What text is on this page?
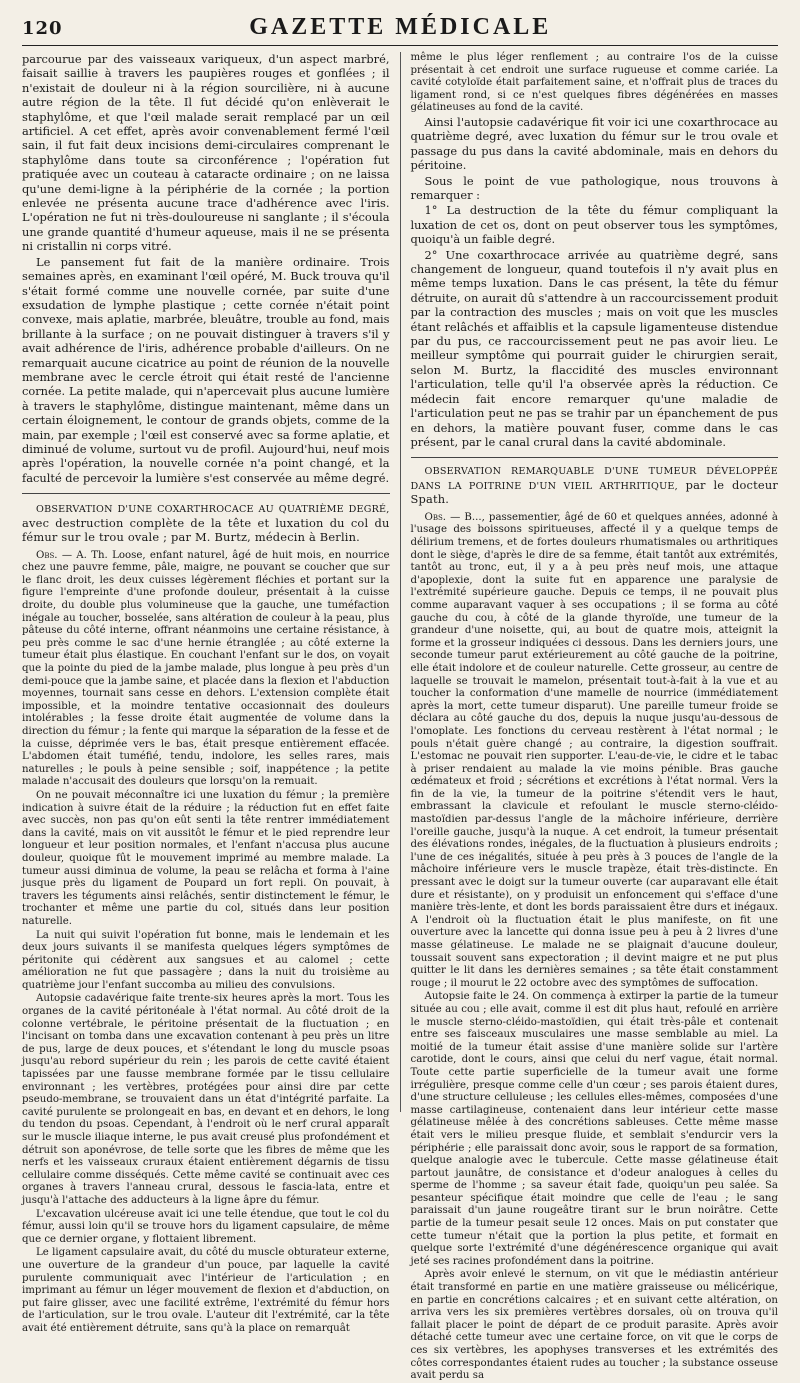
120	GAZETTE MÉDICALE

parcourue par des vaisseaux variqueux, d'un aspect marbré, faisait saillie à travers les paupières rouges et gonflées ; il n'existait de douleur ni à la région sourcilière, ni à aucune autre région de la tête. Il fut décidé qu'on enlèverait le staphylôme, et que l'œil malade serait remplacé par un œil artificiel. A cet effet, après avoir convenablement fermé l'œil sain, il fut fait deux incisions demi-circulaires comprenant le staphylôme dans toute sa circonférence ; l'opération fut pratiquée avec un couteau à cataracte ordinaire ; on ne laissa qu'une demi-ligne à la périphérie de la cornée ; la portion enlevée ne présenta aucune trace d'adhérence avec l'iris. L'opération ne fut ni très-douloureuse ni sanglante ; il s'écoula une grande quantité d'humeur aqueuse, mais il ne se présenta ni cristallin ni corps vitré.

Le pansement fut fait de la manière ordinaire. Trois semaines après, en examinant l'œil opéré, M. Buck trouva qu'il s'était formé comme une nouvelle cornée, par suite d'une exsudation de lymphe plastique ; cette cornée n'était point convexe, mais aplatie, marbrée, bleuâtre, trouble au fond, mais brillante à la surface ; on ne pouvait distinguer à travers s'il y avait adhérence de l'iris, adhérence probable d'ailleurs. On ne remarquait aucune cicatrice au point de réunion de la nouvelle membrane avec le cercle étroit qui était resté de l'ancienne cornée. La petite malade, qui n'apercevait plus aucune lumière à travers le staphylôme, distingue maintenant, même dans un certain éloignement, le contour de grands objets, comme de la main, par exemple ; l'œil est conservé avec sa forme aplatie, et diminué de volume, surtout vu de profil. Aujourd'hui, neuf mois après l'opération, la nouvelle cornée n'a point changé, et la faculté de percevoir la lumière s'est conservée au même degré.

OBSERVATION D'UNE COXARTHROCACE AU QUATRIÈME DEGRÉ, avec destruction complète de la tête et luxation du col du fémur sur le trou ovale ; par M. Burtz, médecin à Berlin.

Obs. — A. Th. Loose, enfant naturel, âgé de huit mois, en nourrice chez une pauvre femme, pâle, maigre, ne pouvant se coucher que sur le flanc droit, les deux cuisses légèrement fléchies et portant sur la figure l'empreinte d'une profonde douleur, présentait à la cuisse droite, du double plus volumineuse que la gauche, une tuméfaction inégale au toucher, bosselée, sans altération de couleur à la peau, plus pâteuse du côté interne, offrant néanmoins une certaine résistance, à peu près comme le sac d'une hernie étranglée ; au côté externe la tumeur était plus élastique. En couchant l'enfant sur le dos, on voyait que la pointe du pied de la jambe malade, plus longue à peu près d'un demi-pouce que la jambe saine, et placée dans la flexion et l'abduction moyennes, tournait sans cesse en dehors. L'extension complète était impossible, et la moindre tentative occasionnait des douleurs intolérables ; la fesse droite était augmentée de volume dans la direction du fémur ; la fente qui marque la séparation de la fesse et de la cuisse, déprimée vers le bas, était presque entièrement effacée. L'abdomen était tuméfié, tendu, indolore, les selles rares, mais naturelles ; le pouls à peine sensible ; soif, inappétence ; la petite malade n'accusait des douleurs que lorsqu'on la remuait.

On ne pouvait méconnaître ici une luxation du fémur ; la première indication à suivre était de la réduire ; la réduction fut en effet faite avec succès, non pas qu'on eût senti la tête rentrer immédiatement dans la cavité, mais on vit aussitôt le fémur et le pied reprendre leur longueur et leur position normales, et l'enfant n'accusa plus aucune douleur, quoique fût le mouvement imprimé au membre malade. La tumeur aussi diminua de volume, la peau se relâcha et forma à l'aine jusque près du ligament de Poupard un fort repli. On pouvait, à travers les téguments ainsi relâchés, sentir distinctement le fémur, le trochanter et même une partie du col, situés dans leur position naturelle.

La nuit qui suivit l'opération fut bonne, mais le lendemain et les deux jours suivants il se manifesta quelques légers symptômes de péritonite qui cédèrent aux sangsues et au calomel ; cette amélioration ne fut que passagère ; dans la nuit du troisième au quatrième jour l'enfant succomba au milieu des convulsions.

Autopsie cadavérique faite trente-six heures après la mort. Tous les organes de la cavité péritonéale à l'état normal. Au côté droit de la colonne vertébrale, le péritoine présentait de la fluctuation ; en l'incisant on tomba dans une excavation contenant à peu près un litre de pus, large de deux pouces, et s'étendant le long du muscle psoas jusqu'au rebord supérieur du rein ; les parois de cette cavité étaient tapissées par une fausse membrane formée par le tissu cellulaire environnant ; les vertèbres, protégées pour ainsi dire par cette pseudo-membrane, se trouvaient dans un état d'intégrité parfaite. La cavité purulente se prolongeait en bas, en devant et en dehors, le long du tendon du psoas. Cependant, à l'endroit où le nerf crural apparaît sur le muscle iliaque interne, le pus avait creusé plus profondément et détruit son aponévrose, de telle sorte que les fibres de même que les nerfs et les vaisseaux cruraux étaient entièrement dégarnis de tissu cellulaire comme disséqués. Cette même cavité se continuait avec ces organes à travers l'anneau crural, dessous le fascia-lata, entre et jusqu'à l'attache des adducteurs à la ligne âpre du fémur.

L'excavation ulcéreuse avait ici une telle étendue, que tout le col du fémur, aussi loin qu'il se trouve hors du ligament capsulaire, de même que ce dernier organe, y flottaient librement.

Le ligament capsulaire avait, du côté du muscle obturateur externe, une ouverture de la grandeur d'un pouce, par laquelle la cavité purulente communiquait avec l'intérieur de l'articulation ; en imprimant au fémur un léger mouvement de flexion et d'abduction, on put faire glisser, avec une facilité extrême, l'extrémité du fémur hors de l'articulation, sur le trou ovale. L'auteur dit l'extrémité, car la tête avait été entièrement détruite, sans qu'à la place on remarquât

même le plus léger renflement ; au contraire l'os de la cuisse présentait à cet endroit une surface rugueuse et comme cariée. La cavité cotyloïde était parfaitement saine, et n'offrait plus de traces du ligament rond, si ce n'est quelques fibres dégénérées en masses gélatineuses au fond de la cavité.

Ainsi l'autopsie cadavérique fit voir ici une coxarthrocace au quatrième degré, avec luxation du fémur sur le trou ovale et passage du pus dans la cavité abdominale, mais en dehors du péritoine.

Sous le point de vue pathologique, nous trouvons à remarquer :

1° La destruction de la tête du fémur compliquant la luxation de cet os, dont on peut observer tous les symptômes, quoiqu'à un faible degré.

2° Une coxarthrocace arrivée au quatrième degré, sans changement de longueur, quand toutefois il n'y avait plus en même temps luxation. Dans le cas présent, la tête du fémur détruite, on aurait dû s'attendre à un raccourcissement produit par la contraction des muscles ; mais on voit que les muscles étant relâchés et affaiblis et la capsule ligamenteuse distendue par du pus, ce raccourcissement peut ne pas avoir lieu. Le meilleur symptôme qui pourrait guider le chirurgien serait, selon M. Burtz, la flaccidité des muscles environnant l'articulation, telle qu'il l'a observée après la réduction. Ce médecin fait encore remarquer qu'une maladie de l'articulation peut ne pas se trahir par un épanchement de pus en dehors, la matière pouvant fuser, comme dans le cas présent, par le canal crural dans la cavité abdominale.

OBSERVATION REMARQUABLE D'UNE TUMEUR DÉVELOPPÉE DANS LA POITRINE D'UN VIEIL ARTHRITIQUE, par le docteur Spath.

Obs. — B..., passementier, âgé de 60 et quelques années, adonné à l'usage des boissons spiritueuses, affecté il y a quelque temps de délirium tremens, et de fortes douleurs rhumatismales ou arthritiques dont le siège, d'après le dire de sa femme, était tantôt aux extrémités, tantôt au tronc, eut, il y a à peu près neuf mois, une attaque d'apoplexie, dont la suite fut en apparence une paralysie de l'extrémité supérieure gauche. Depuis ce temps, il ne pouvait plus comme auparavant vaquer à ses occupations ; il se forma au côté gauche du cou, à côté de la glande thyroïde, une tumeur de la grandeur d'une noisette, qui, au bout de quatre mois, atteignit la forme et la grosseur indiquées ci dessous. Dans les derniers jours, une seconde tumeur parut extérieurement au côté gauche de la poitrine, elle était indolore et de couleur naturelle. Cette grosseur, au centre de laquelle se trouvait le mamelon, présentait tout-à-fait à la vue et au toucher la conformation d'une mamelle de nourrice (immédiatement après la mort, cette tumeur disparut). Une pareille tumeur froide se déclara au côté gauche du dos, depuis la nuque jusqu'au-dessous de l'omoplate. Les fonctions du cerveau restèrent à l'état normal ; le pouls n'était guère changé ; au contraire, la digestion souffrait. L'estomac ne pouvait rien supporter. L'eau-de-vie, le cidre et le tabac à priser rendaient au malade la vie moins pénible. Bras gauche œdémateux et froid ; sécrétions et excrétions à l'état normal. Vers la fin de la vie, la tumeur de la poitrine s'étendit vers le haut, embrassant la clavicule et refoulant le muscle sterno-cléido-mastoïdien par-dessus l'angle de la mâchoire inférieure, derrière l'oreille gauche, jusqu'à la nuque. A cet endroit, la tumeur présentait des élévations rondes, inégales, de la fluctuation à plusieurs endroits ; l'une de ces inégalités, située à peu près à 3 pouces de l'angle de la mâchoire inférieure vers le muscle trapèze, était très-distincte. En pressant avec le doigt sur la tumeur ouverte (car auparavant elle était dure et résistante), on y produisit un enfoncement qui s'efface d'une manière très-lente, et dont les bords paraissaient être durs et inégaux. A l'endroit où la fluctuation était le plus manifeste, on fit une ouverture avec la lancette qui donna issue peu à peu à 2 livres d'une masse gélatineuse. Le malade ne se plaignait d'aucune douleur, toussait souvent sans expectoration ; il devint maigre et ne put plus quitter le lit dans les dernières semaines ; sa tête était constamment rouge ; il mourut le 22 octobre avec des symptômes de suffocation.

Autopsie faite le 24. On commença à extirper la partie de la tumeur située au cou ; elle avait, comme il est dit plus haut, refoulé en arrière le muscle sterno-cléido-mastoïdien, qui était très-pâle et contenait entre ses faisceaux musculaires une masse semblable au miel. La moitié de la tumeur était assise d'une manière solide sur l'artère carotide, dont le cours, ainsi que celui du nerf vague, était normal. Toute cette partie superficielle de la tumeur avait une forme irrégulière, presque comme celle d'un cœur ; ses parois étaient dures, d'une structure celluleuse ; les cellules elles-mêmes, composées d'une masse cartilagineuse, contenaient dans leur intérieur cette masse gélatineuse mêlée à des concrétions sableuses. Cette même masse était vers le milieu presque fluide, et semblait s'endurcir vers la périphérie ; elle paraissait donc avoir, sous le rapport de sa formation, quelque analogie avec le tubercule. Cette masse gélatineuse était partout jaunâtre, de consistance et d'odeur analogues à celles du sperme de l'homme ; sa saveur était fade, quoiqu'un peu salée. Sa pesanteur spécifique était moindre que celle de l'eau ; le sang paraissait d'un jaune rougeâtre tirant sur le brun noirâtre. Cette partie de la tumeur pesait seule 12 onces. Mais on put constater que cette tumeur n'était que la portion la plus petite, et formait en quelque sorte l'extrémité d'une dégénérescence organique qui avait jeté ses racines profondément dans la poitrine.

Après avoir enlevé le sternum, on vit que le médiastin antérieur était transformé en partie en une matière graisseuse ou mélicérique, en partie en concrétions calcaires ; et en suivant cette altération, on arriva vers les six premières vertèbres dorsales, où on trouva qu'il fallait placer le point de départ de ce produit parasite. Après avoir détaché cette tumeur avec une certaine force, on vit que le corps de ces six vertèbres, les apophyses transverses et les extrémités des côtes correspondantes étaient rudes au toucher ; la substance osseuse avait perdu sa
